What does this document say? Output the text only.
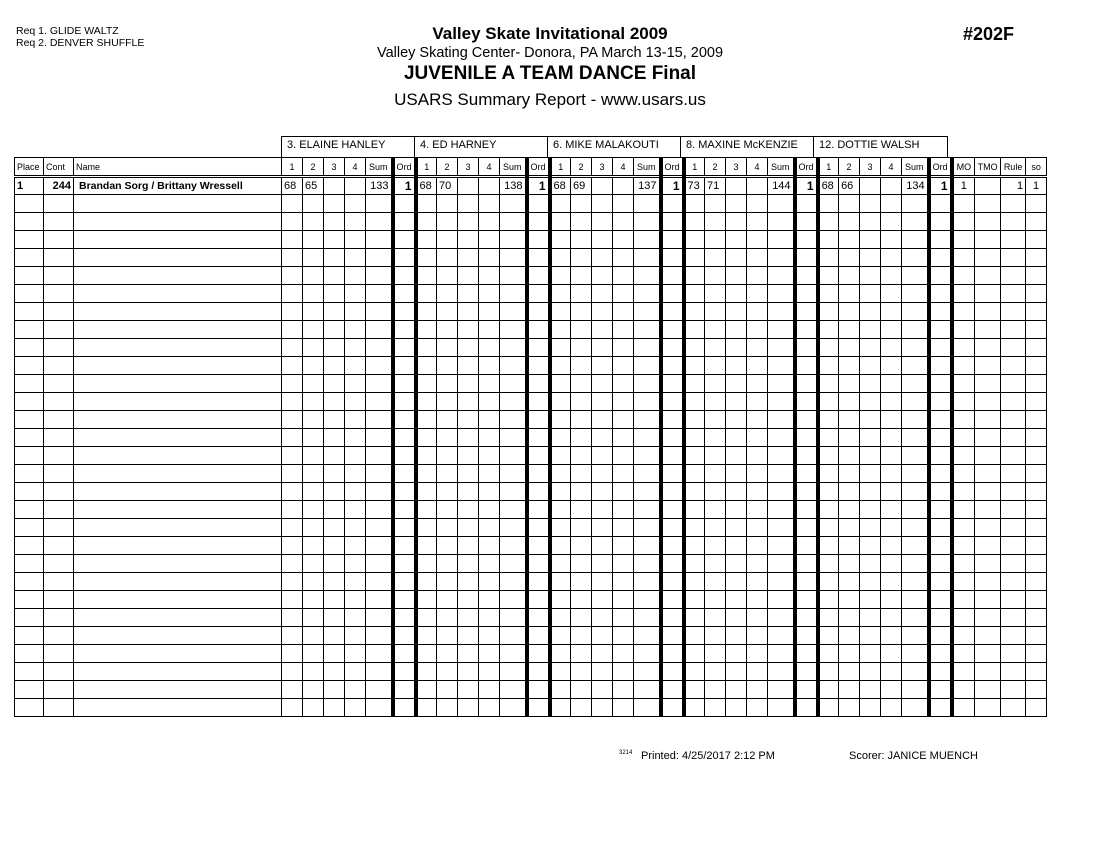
Req 1. GLIDE WALTZ
Req 2. DENVER SHUFFLE	Valley Skate Invitational 2009
Valley Skating Center- Donora, PA March 13-15, 2009
JUVENILE A TEAM DANCE Final
USARS Summary Report - www.usars.us
#202F
3. ELAINE HANLEY	4. ED HARNEY	6. MIKE MALAKOUTI	8. MAXINE McKENZIE	12. DOTTIE WALSH
Place	Cont	Name	1	2	3	4	Sum	Ord	1	2	3	4	Sum	Ord	1	2	3	4	Sum	Ord	1	2	3	4	Sum	Ord	1	2	3	4	Sum	Ord	MO	TMO	Rule	so
1	244	Brandan Sorg / Brittany Wressell	68	65			133	1	68	70			138	1	68	69			137	1	73	71			144	1	68	66			134	1	1		1	1

3214 Printed: 4/25/2017 2:12 PM	Scorer: JANICE MUENCH
